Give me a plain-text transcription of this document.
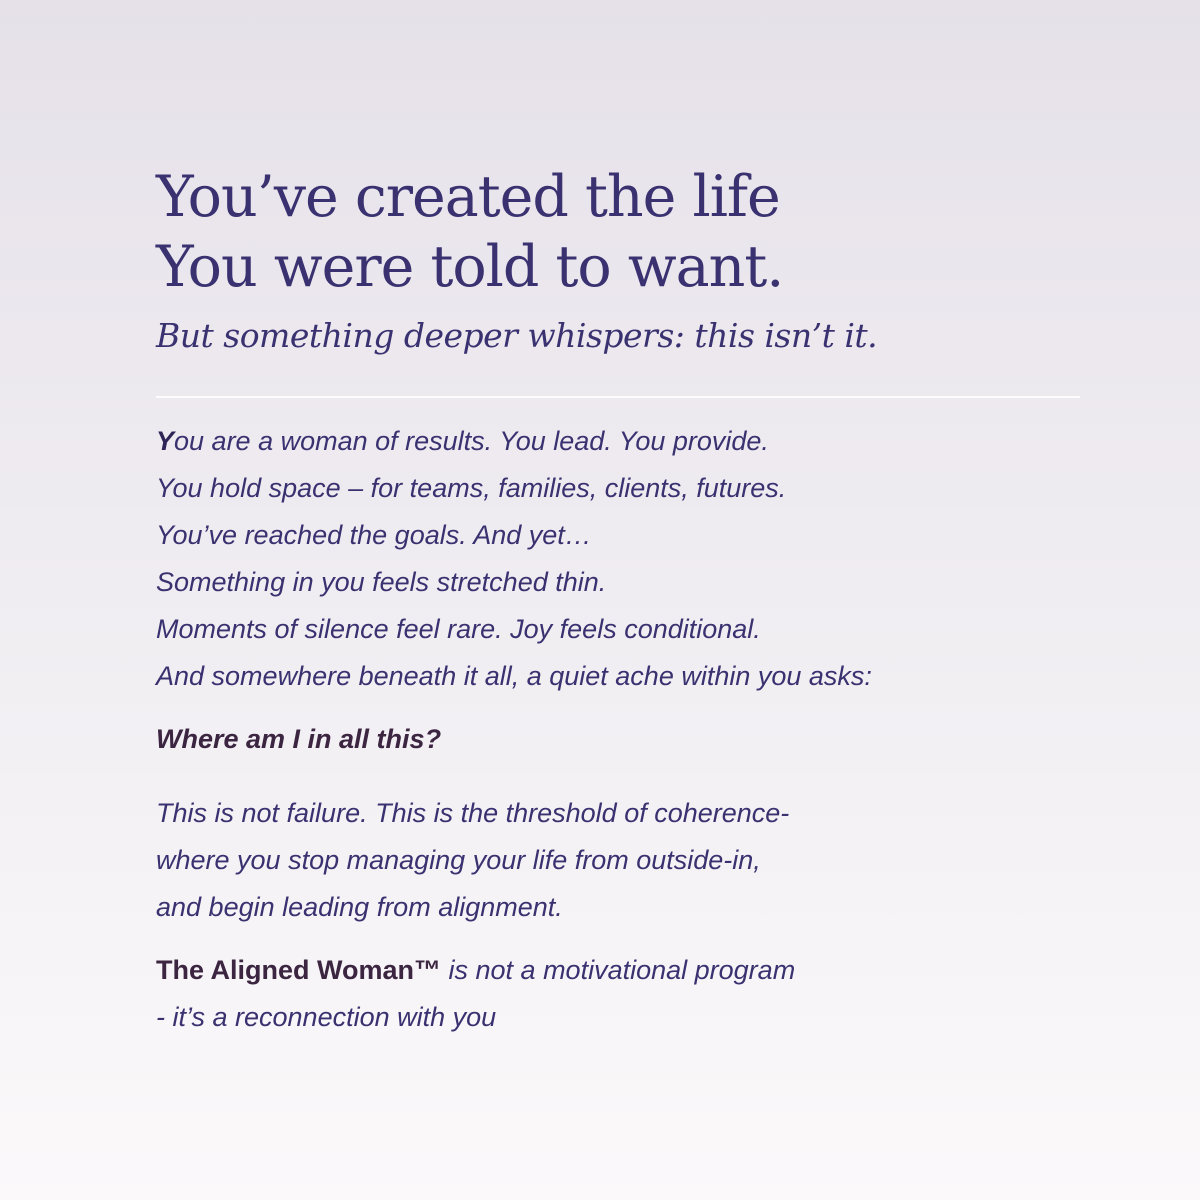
You’ve created the life
You were told to want.

But something deeper whispers: this isn’t it.

You are a woman of results. You lead. You provide.
You hold space – for teams, families, clients, futures.
You’ve reached the goals. And yet…
Something in you feels stretched thin.
Moments of silence feel rare. Joy feels conditional.
And somewhere beneath it all, a quiet ache within you asks:

Where am I in all this?

This is not failure. This is the threshold of coherence-
where you stop managing your life from outside-in,
and begin leading from alignment.

The Aligned Woman™ is not a motivational program
- it’s a reconnection with you
